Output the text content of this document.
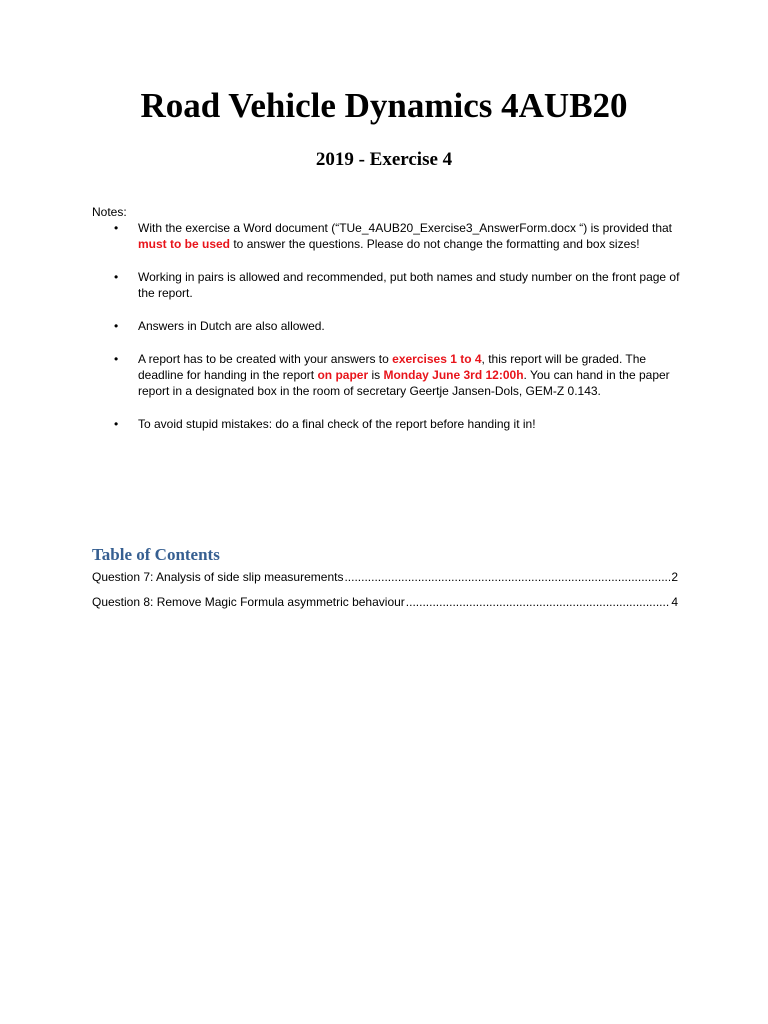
Road Vehicle Dynamics 4AUB20
2019 - Exercise 4
Notes:
• With the exercise a Word document (“TUe_4AUB20_Exercise3_AnswerForm.docx “) is provided that must to be used to answer the questions. Please do not change the formatting and box sizes!
• Working in pairs is allowed and recommended, put both names and study number on the front page of the report.
• Answers in Dutch are also allowed.
• A report has to be created with your answers to exercises 1 to 4, this report will be graded. The deadline for handing in the report on paper is Monday June 3rd 12:00h. You can hand in the paper report in a designated box in the room of secretary Geertje Jansen-Dols, GEM-Z 0.143.
• To avoid stupid mistakes: do a final check of the report before handing it in!
Table of Contents
Question 7: Analysis of side slip measurements .....	2
Question 8: Remove Magic Formula asymmetric behaviour .....	4
